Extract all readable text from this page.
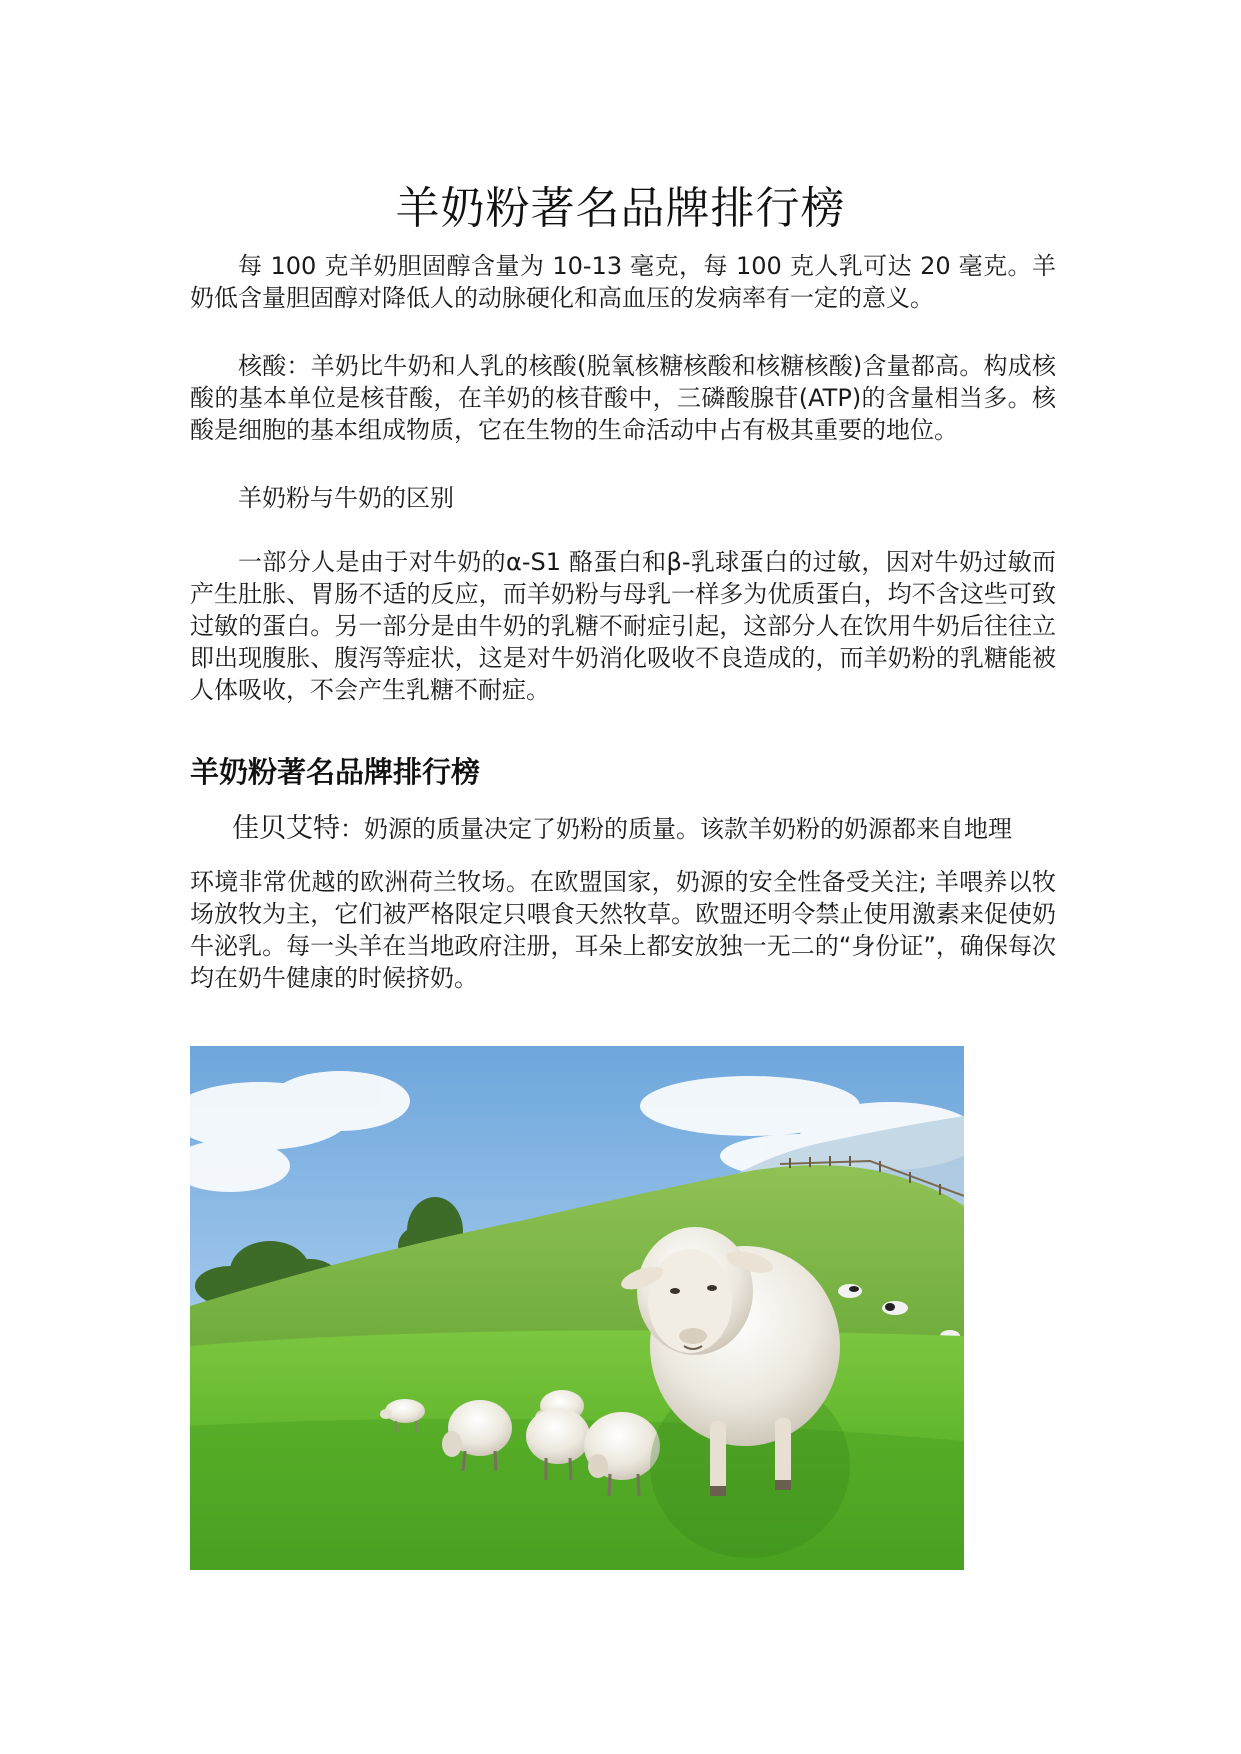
羊奶粉著名品牌排行榜

每 100 克羊奶胆固醇含量为 10-13 毫克，每 100 克人乳可达 20 毫克。羊奶低含量胆固醇对降低人的动脉硬化和高血压的发病率有一定的意义。

核酸：羊奶比牛奶和人乳的核酸(脱氧核糖核酸和核糖核酸)含量都高。构成核酸的基本单位是核苷酸，在羊奶的核苷酸中，三磷酸腺苷(ATP)的含量相当多。核酸是细胞的基本组成物质，它在生物的生命活动中占有极其重要的地位。

羊奶粉与牛奶的区别

一部分人是由于对牛奶的α-S1 酪蛋白和β-乳球蛋白的过敏，因对牛奶过敏而产生肚胀、胃肠不适的反应，而羊奶粉与母乳一样多为优质蛋白，均不含这些可致过敏的蛋白。另一部分是由牛奶的乳糖不耐症引起，这部分人在饮用牛奶后往往立即出现腹胀、腹泻等症状，这是对牛奶消化吸收不良造成的，而羊奶粉的乳糖能被人体吸收，不会产生乳糖不耐症。

羊奶粉著名品牌排行榜

佳贝艾特：奶源的质量决定了奶粉的质量。该款羊奶粉的奶源都来自地理

环境非常优越的欧洲荷兰牧场。在欧盟国家，奶源的安全性备受关注; 羊喂养以牧场放牧为主，它们被严格限定只喂食天然牧草。欧盟还明令禁止使用激素来促使奶牛泌乳。每一头羊在当地政府注册，耳朵上都安放独一无二的“身份证”，确保每次均在奶牛健康的时候挤奶。
